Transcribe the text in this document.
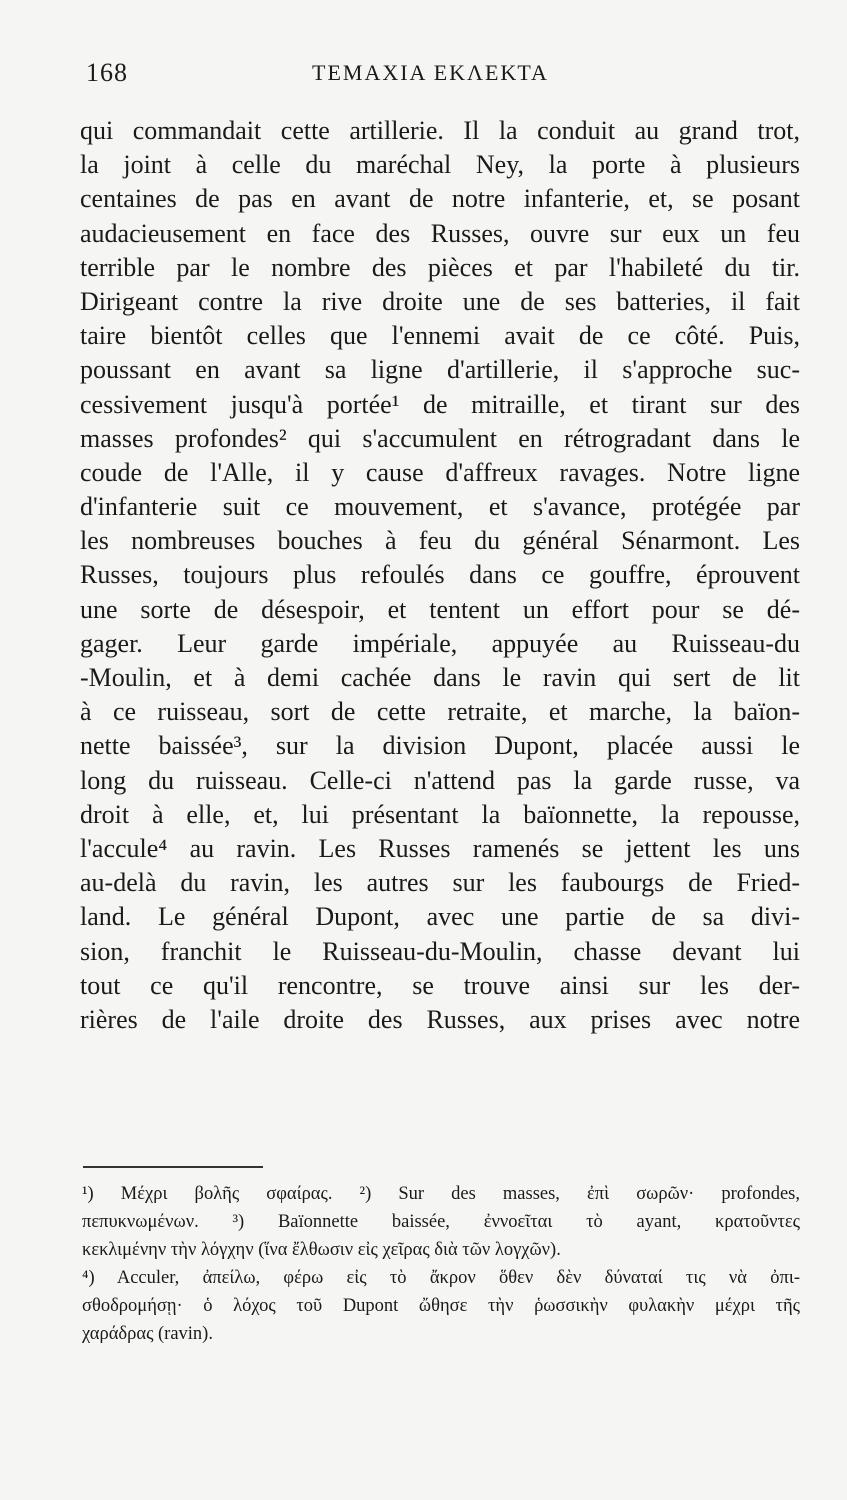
168	ΤΕΜΑΧΙΑ ΕΚΛΕΚΤΑ
qui commandait cette artillerie. Il la conduit au grand trot,
la joint à celle du maréchal Ney, la porte à plusieurs
centaines de pas en avant de notre infanterie, et, se posant
audacieusement en face des Russes, ouvre sur eux un feu
terrible par le nombre des pièces et par l'habileté du tir.
Dirigeant contre la rive droite une de ses batteries, il fait
taire bientôt celles que l'ennemi avait de ce côté. Puis,
poussant en avant sa ligne d'artillerie, il s'approche suc-
cessivement jusqu'à portée¹ de mitraille, et tirant sur des
masses profondes² qui s'accumulent en rétrogradant dans le
coude de l'Alle, il y cause d'affreux ravages. Notre ligne
d'infanterie suit ce mouvement, et s'avance, protégée par
les nombreuses bouches à feu du général Sénarmont. Les
Russes, toujours plus refoulés dans ce gouffre, éprouvent
une sorte de désespoir, et tentent un effort pour se dé-
gager. Leur garde impériale, appuyée au Ruisseau-du
-Moulin, et à demi cachée dans le ravin qui sert de lit
à ce ruisseau, sort de cette retraite, et marche, la baïon-
nette baissée³, sur la division Dupont, placée aussi le
long du ruisseau. Celle-ci n'attend pas la garde russe, va
droit à elle, et, lui présentant la baïonnette, la repousse,
l'accule⁴ au ravin. Les Russes ramenés se jettent les uns
au-delà du ravin, les autres sur les faubourgs de Fried-
land. Le général Dupont, avec une partie de sa divi-
sion, franchit le Ruisseau-du-Moulin, chasse devant lui
tout ce qu'il rencontre, se trouve ainsi sur les der-
rières de l'aile droite des Russes, aux prises avec notre
¹) Μέχρι βολῆς σφαίρας. ²) Sur des masses, ἐπὶ σωρῶν· profondes,
πεπυκνωμένων. ³) Baïonnette baissée, ἐννοεῖται τὸ ayant, κρατοῦντες
κεκλιμένην τὴν λόγχην (ἵνα ἔλθωσιν εἰς χεῖρας διὰ τῶν λογχῶν).
⁴) Acculer, ἀπείλω, φέρω εἰς τὸ ἄκρον ὅθεν δὲν δύναταί τις νὰ ὀπι-
σθοδρομήσῃ· ὁ λόχος τοῦ Dupont ὤθησε τὴν ῥωσσικὴν φυλακὴν μέχρι τῆς
χαράδρας (ravin).
